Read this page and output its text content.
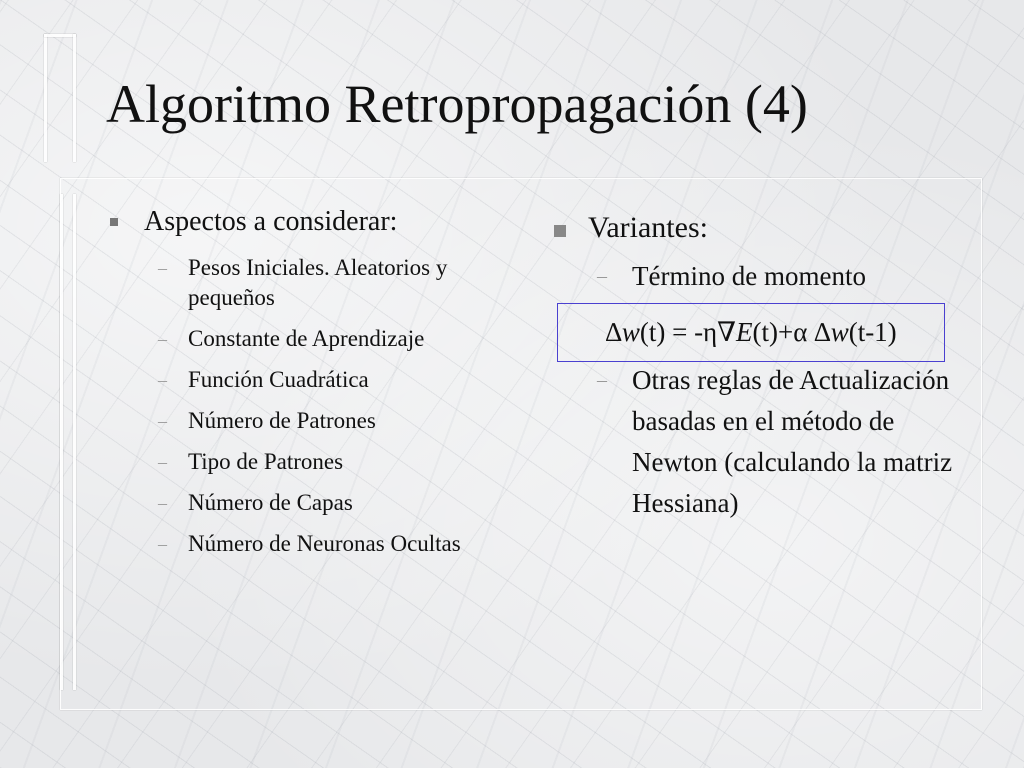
Algoritmo Retropropagación (4)

Aspectos a considerar:

– Pesos Iniciales. Aleatorios y pequeños
– Constante de Aprendizaje
– Función Cuadrática
– Número de Patrones
– Tipo de Patrones
– Número de Capas
– Número de Neuronas Ocultas

Variantes:

– Término de momento
∆w(t) = -η∇E(t)+α ∆w(t-1)
– Otras reglas de Actualización basadas en el método de Newton (calculando la matriz Hessiana)
